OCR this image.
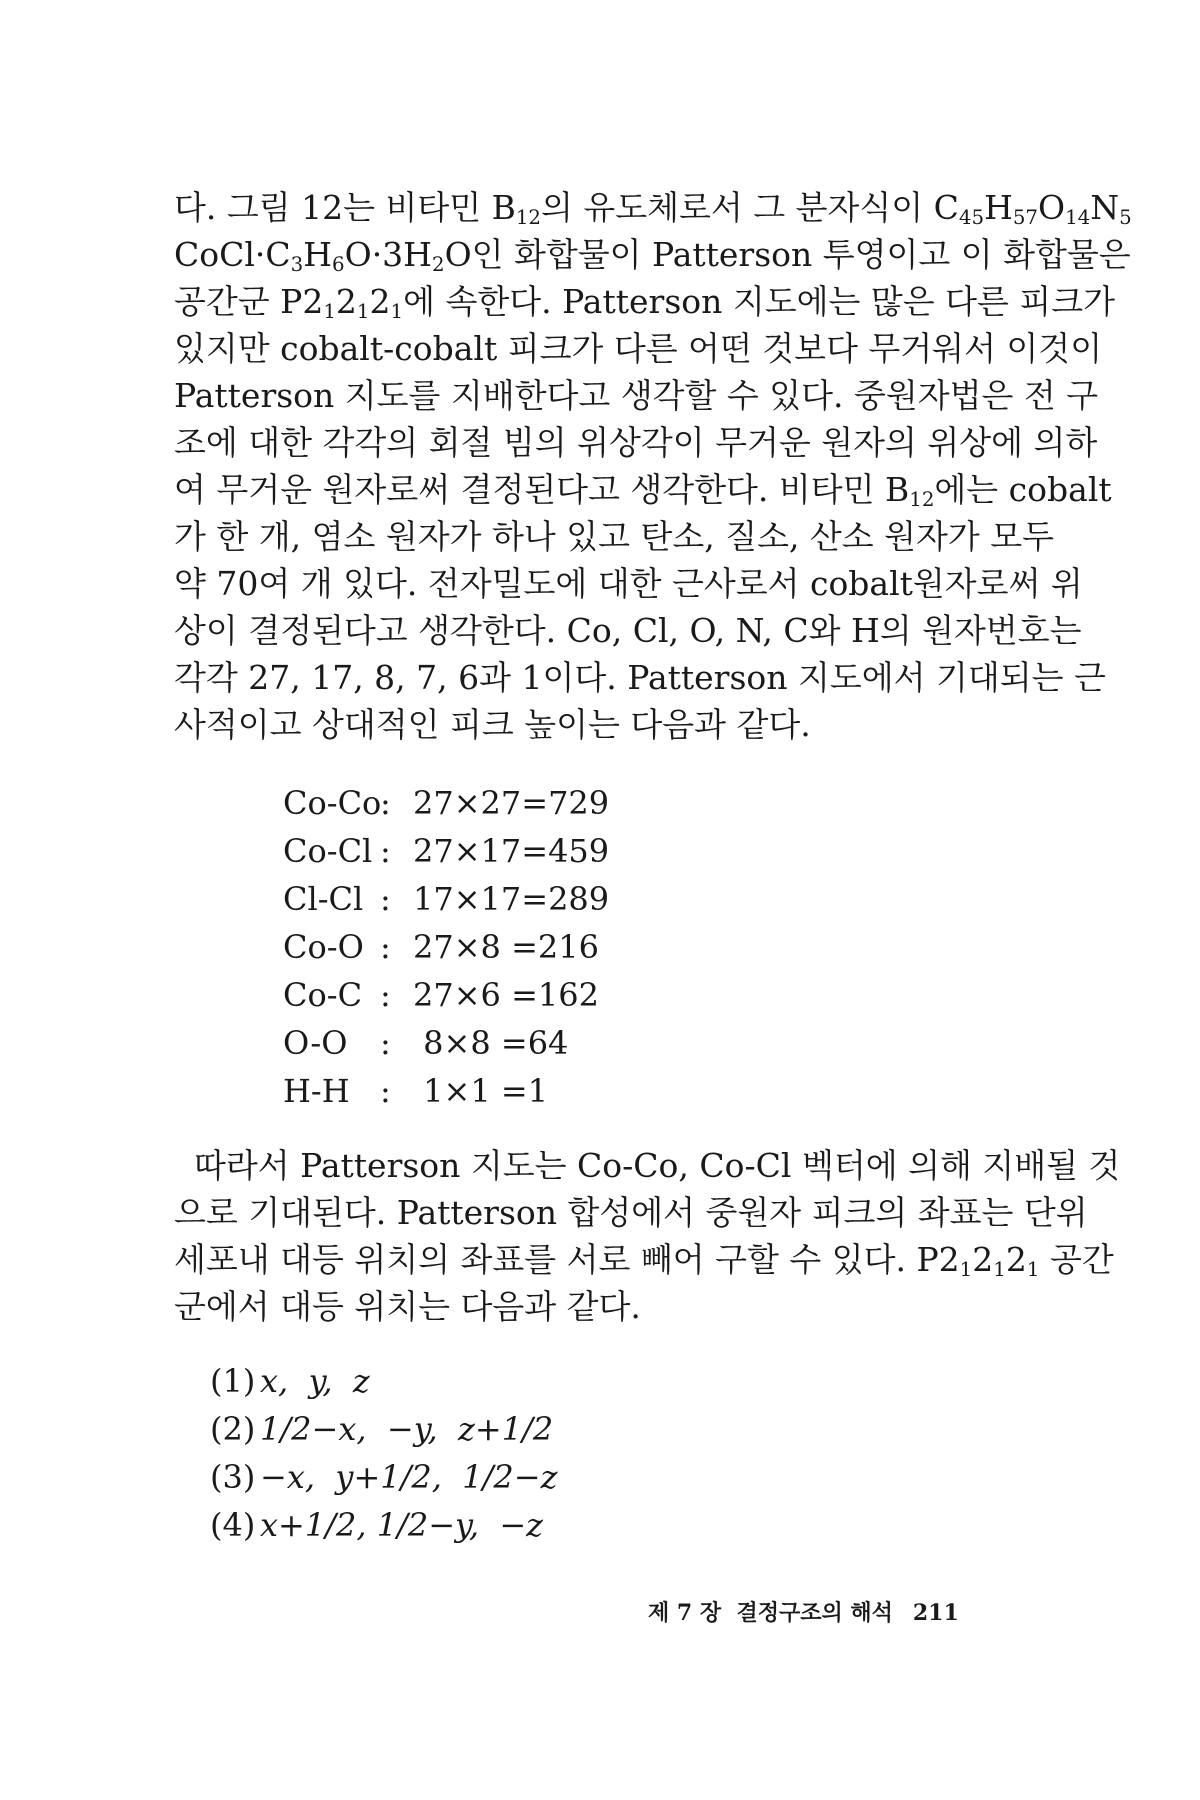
다. 그림 12는 비타민 $B_{12}$의 유도체로서 그 분자식이 $C_{45}H_{57}O_{14}N_5$
$CoCl\cdot C_3H_6O\cdot 3H_2O$인 화합물이 Patterson 투영이고 이 화합물은
공간군 $P2_12_12_1$에 속한다. Patterson 지도에는 많은 다른 피크가
있지만 cobalt-cobalt 피크가 다른 어떤 것보다 무거워서 이것이
Patterson 지도를 지배한다고 생각할 수 있다. 중원자법은 전 구
조에 대한 각각의 회절 빔의 위상각이 무거운 원자의 위상에 의하
여 무거운 원자로써 결정된다고 생각한다. 비타민 $B_{12}$에는 cobalt
가 한 개, 염소 원자가 하나 있고 탄소, 질소, 산소 원자가 모두
약 70여 개 있다. 전자밀도에 대한 근사로서 cobalt원자로써 위
상이 결정된다고 생각한다. Co, Cl, O, N, C와 H의 원자번호는
각각 27, 17, 8, 7, 6과 1이다. Patterson 지도에서 기대되는 근
사적이고 상대적인 피크 높이는 다음과 같다.
Co-Co
: 27×27=729
Co-Cl : 27×17=459
Cl-Cl : 17×17=289
Co-O : 27×8 =216
Co-C : 27×6 =162
O-O : 8×8 =64
H-H : 1×1 =1
따라서 Patterson 지도는 Co-Co, Co-Cl 벡터에 의해 지배될 것
으로 기대된다. Patterson 합성에서 중원자 피크의 좌표는 단위
세포내 대등 위치의 좌표를 서로 빼어 구할 수 있다. $P2_12_12_1$ 공간
군에서 대등 위치는 다음과 같다.
(1) x,  y,  z
(2) 1/2−x,  −y,  z+1/2
(3) −x,  y+1/2,  1/2−z
(4) x+1/2, 1/2−y,  −z
제 7 장  결정구조의 해석 211
